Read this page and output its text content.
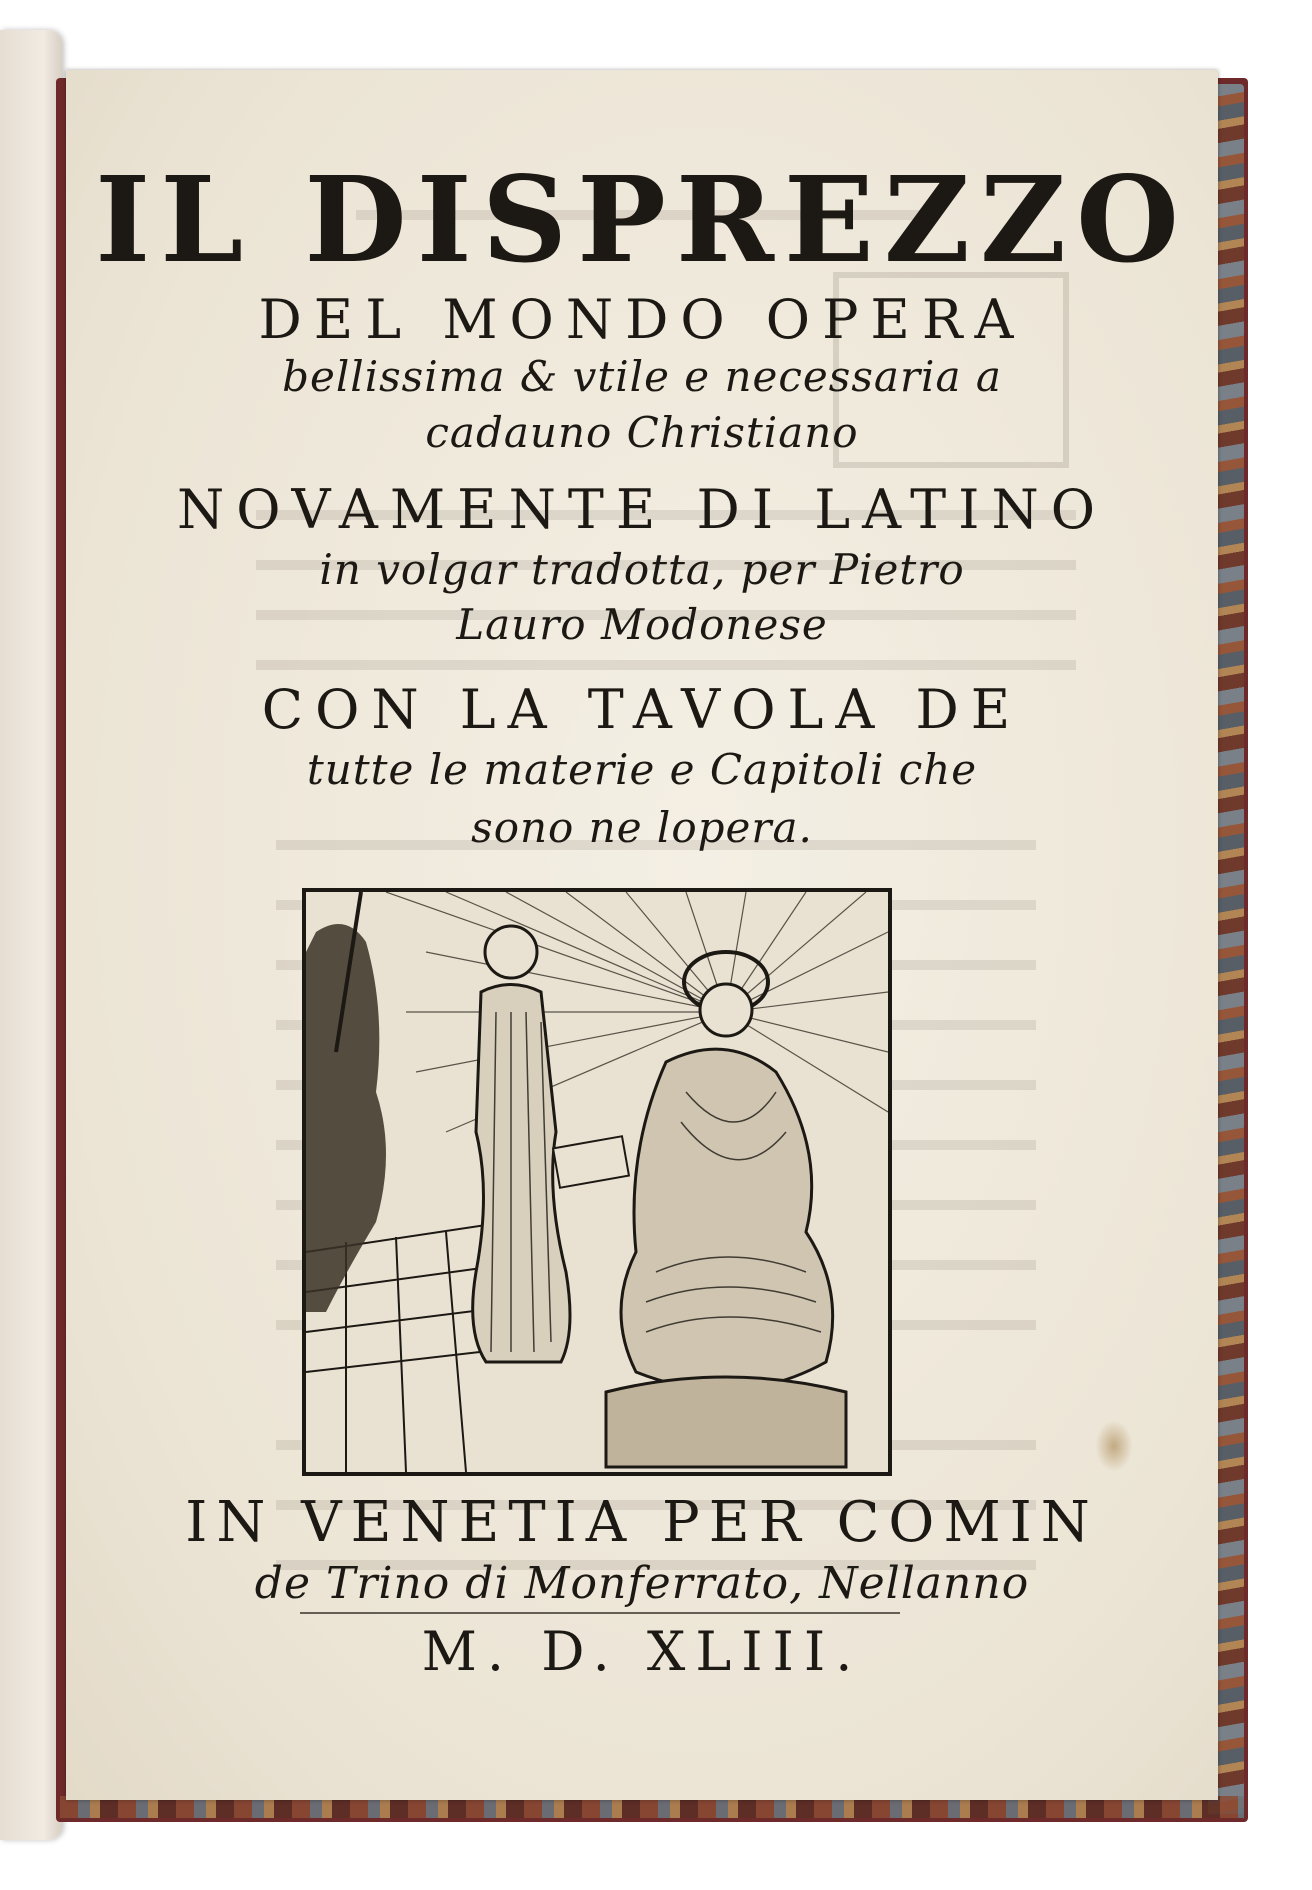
IL DISPREZZO
DEL MONDO OPERA
bellissima & vtile e necessaria a
cadauno Christiano
NOVAMENTE DI LATINO
in volgar tradotta, per Pietro
Lauro Modonese
CON LA TAVOLA DE
tutte le materie e Capitoli che
sono ne lopera.
IN VENETIA PER COMIN
de Trino di Monferrato, Nellanno
M. D. XLIII.
